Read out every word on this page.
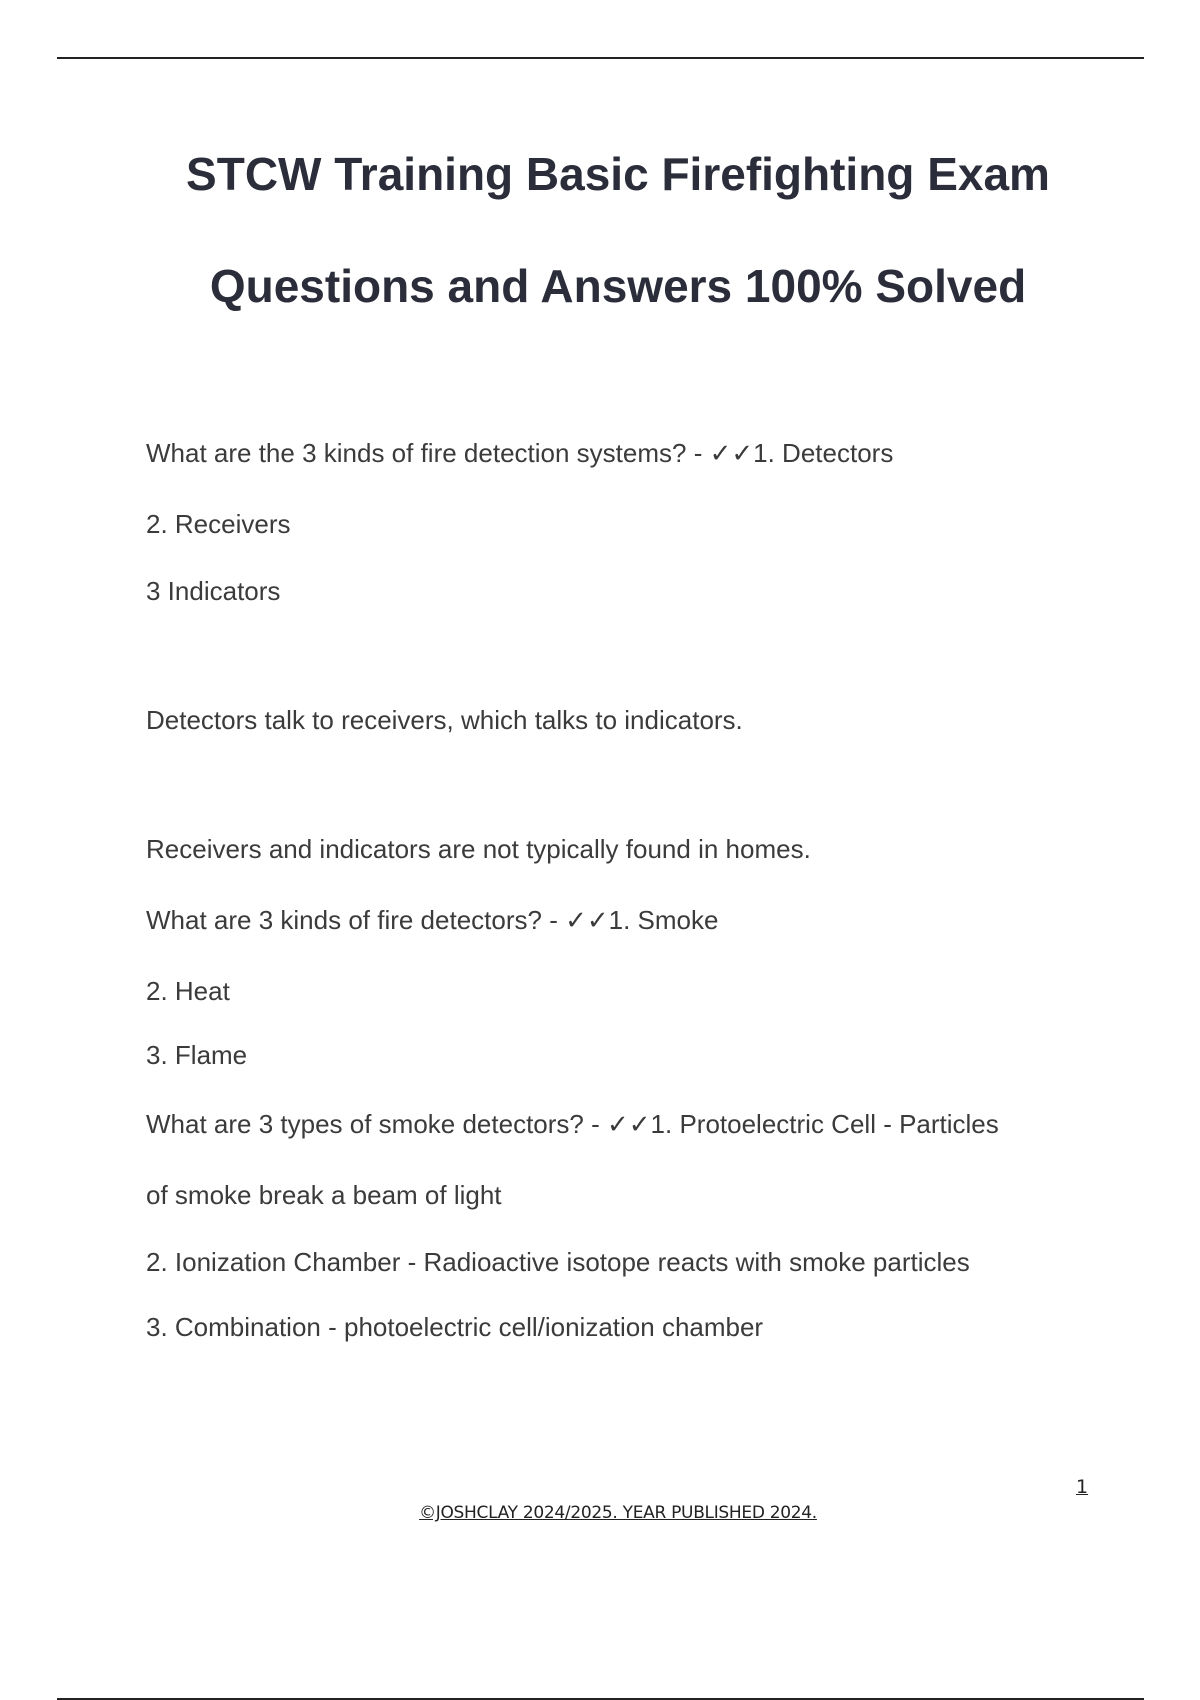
STCW Training Basic Firefighting Exam
Questions and Answers 100% Solved
What are the 3 kinds of fire detection systems? - ✓✓1. Detectors
2. Receivers
3 Indicators
Detectors talk to receivers, which talks to indicators.
Receivers and indicators are not typically found in homes.
What are 3 kinds of fire detectors? - ✓✓1. Smoke
2. Heat
3. Flame
What are 3 types of smoke detectors? - ✓✓1. Protoelectric Cell - Particles
of smoke break a beam of light
2. Ionization Chamber - Radioactive isotope reacts with smoke particles
3. Combination - photoelectric cell/ionization chamber
1
©JOSHCLAY 2024/2025. YEAR PUBLISHED 2024.
